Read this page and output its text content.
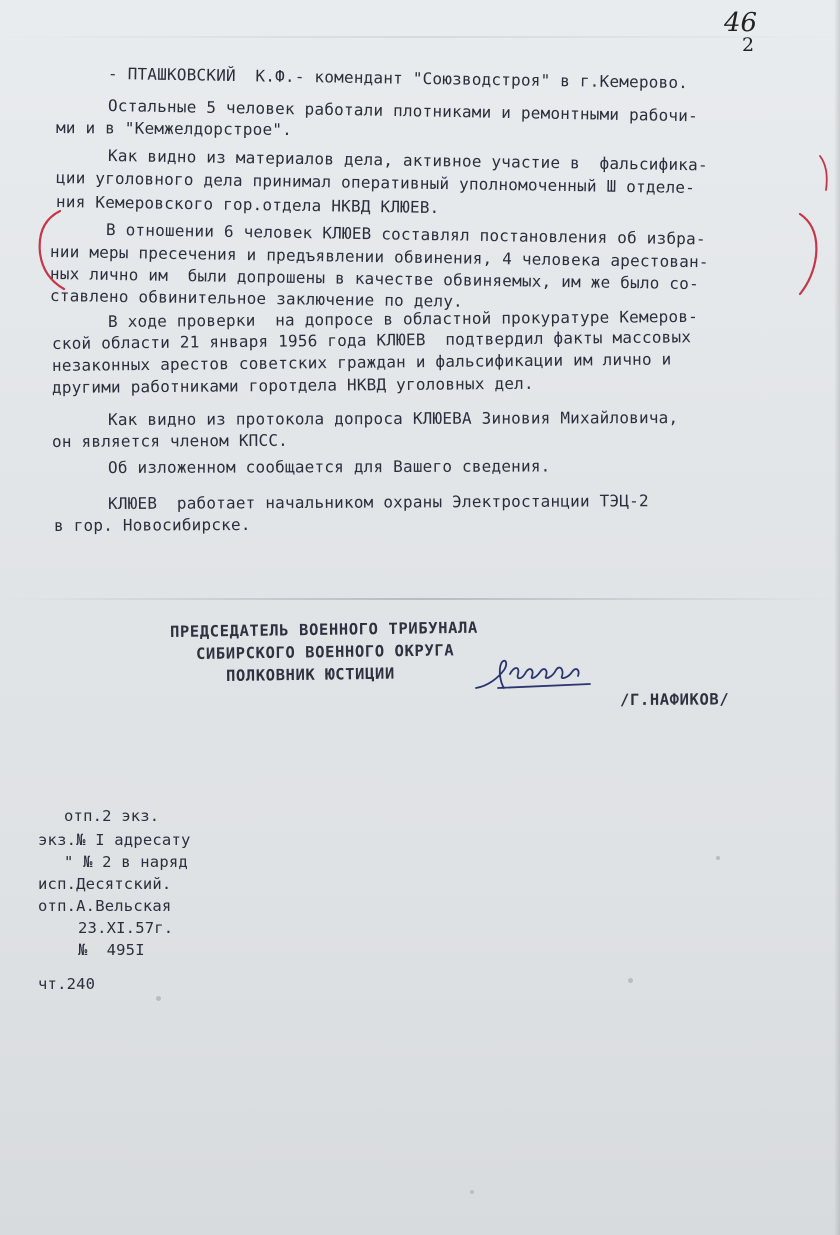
46
2
- ПТАШКОВСКИЙ  К.Ф.- комендант "Союзводстроя" в г.Кемерово.
Остальные 5 человек работали плотниками и ремонтными рабочи-
ми и в "Кемжелдорстрое".
Как видно из материалов дела, активное участие в  фальсифика-
ции уголовного дела принимал оперативный уполномоченный Ш отделе-
ния Кемеровского гор.отдела НКВД КЛЮЕВ.
В отношении 6 человек КЛЮЕВ составлял постановления об избра-
нии меры пресечения и предъявлении обвинения, 4 человека арестован-
ных лично им  были допрошены в качестве обвиняемых, им же было со-
ставлено обвинительное заключение по делу.
В ходе проверки  на допросе в областной прокуратуре Кемеров-
ской области 21 января 1956 года КЛЮЕВ  подтвердил факты массовых
незаконных арестов советских граждан и фальсификации им лично и
другими работниками горотдела НКВД уголовных дел.
Как видно из протокола допроса КЛЮЕВА Зиновия Михайловича,
он является членом КПСС.
Об изложенном сообщается для Вашего сведения.
КЛЮЕВ  работает начальником охраны Электростанции ТЭЦ-2
в гор. Новосибирске.
ПРЕДСЕДАТЕЛЬ ВОЕННОГО ТРИБУНАЛА
СИБИРСКОГО ВОЕННОГО ОКРУГА
ПОЛКОВНИК ЮСТИЦИИ
/Г.НАФИКОВ/
отп.2 экз.
экз.№ I адресату
" № 2 в наряд
исп.Десятский.
отп.А.Вельская
23.XI.57г.
№  495I
чт.240
